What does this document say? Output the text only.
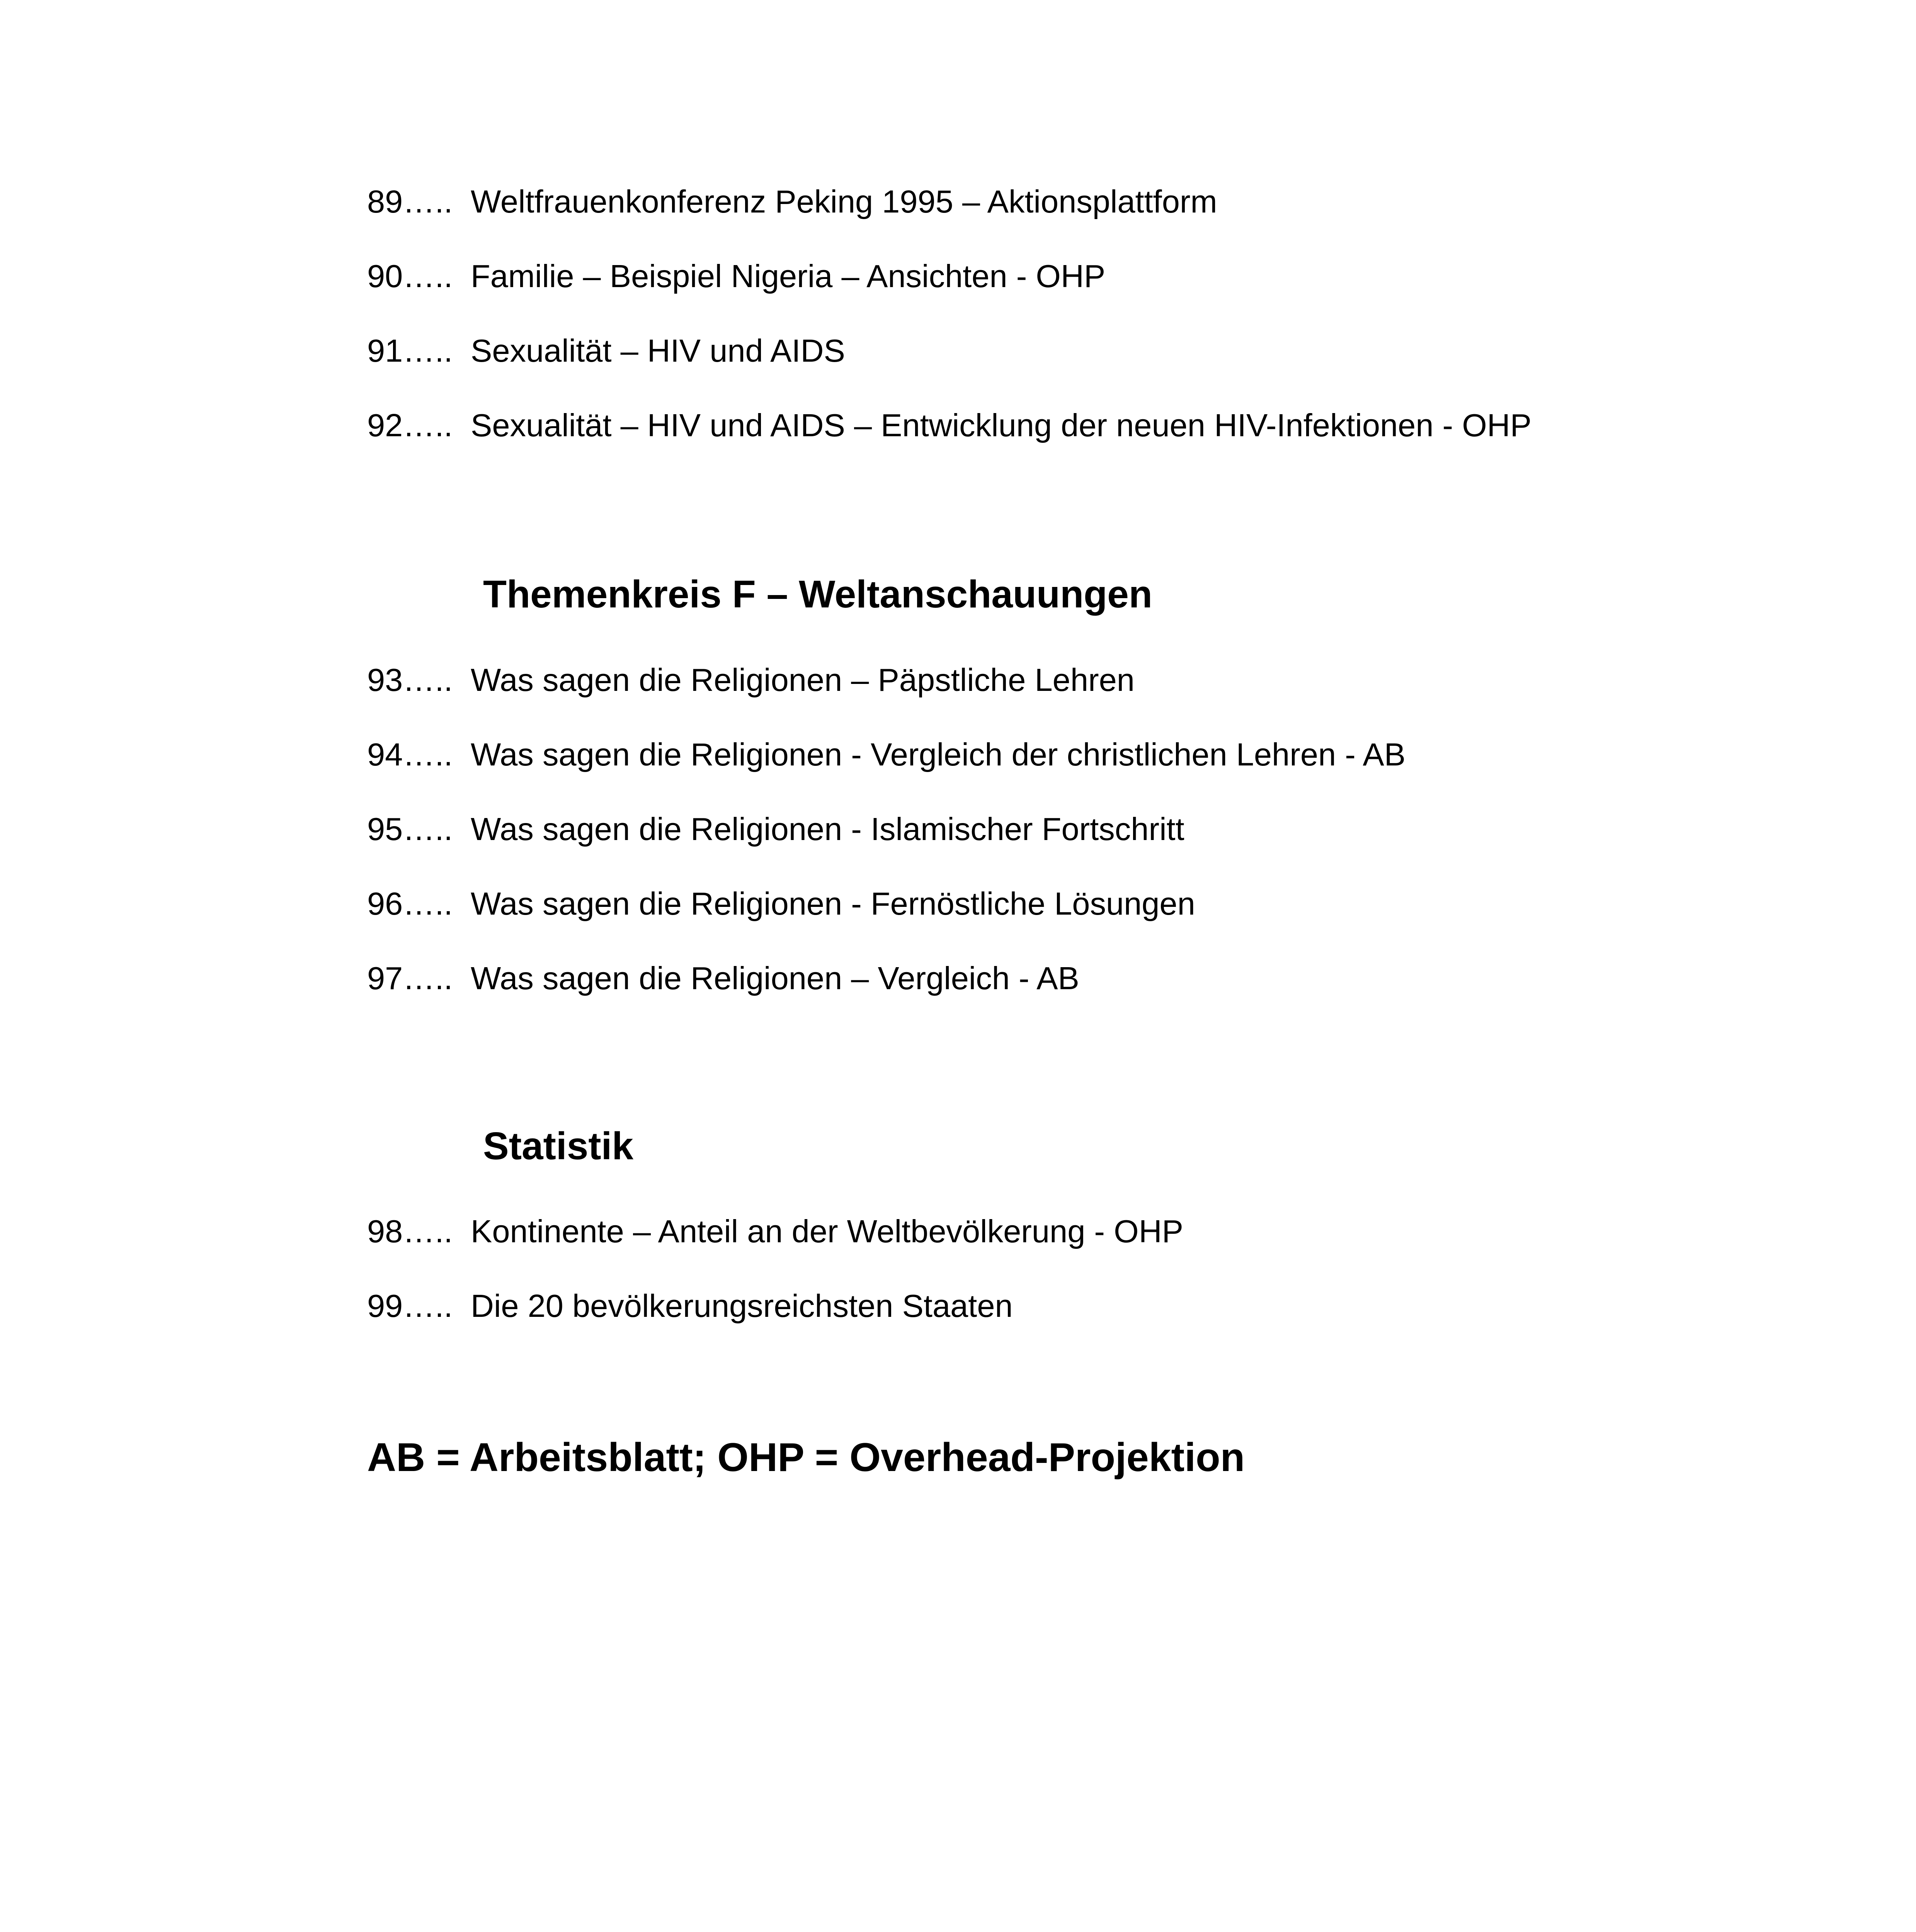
89….. Weltfrauenkonferenz Peking 1995 – Aktionsplattform
90….. Familie – Beispiel Nigeria – Ansichten - OHP
91….. Sexualität – HIV und AIDS
92….. Sexualität – HIV und AIDS – Entwicklung der neuen HIV-Infektionen - OHP
Themenkreis F – Weltanschauungen
93….. Was sagen die Religionen – Päpstliche Lehren
94….. Was sagen die Religionen - Vergleich der christlichen Lehren - AB
95….. Was sagen die Religionen - Islamischer Fortschritt
96….. Was sagen die Religionen - Fernöstliche Lösungen
97….. Was sagen die Religionen – Vergleich - AB
Statistik
98….. Kontinente – Anteil an der Weltbevölkerung - OHP
99….. Die 20 bevölkerungsreichsten Staaten
AB = Arbeitsblatt; OHP = Overhead-Projektion
